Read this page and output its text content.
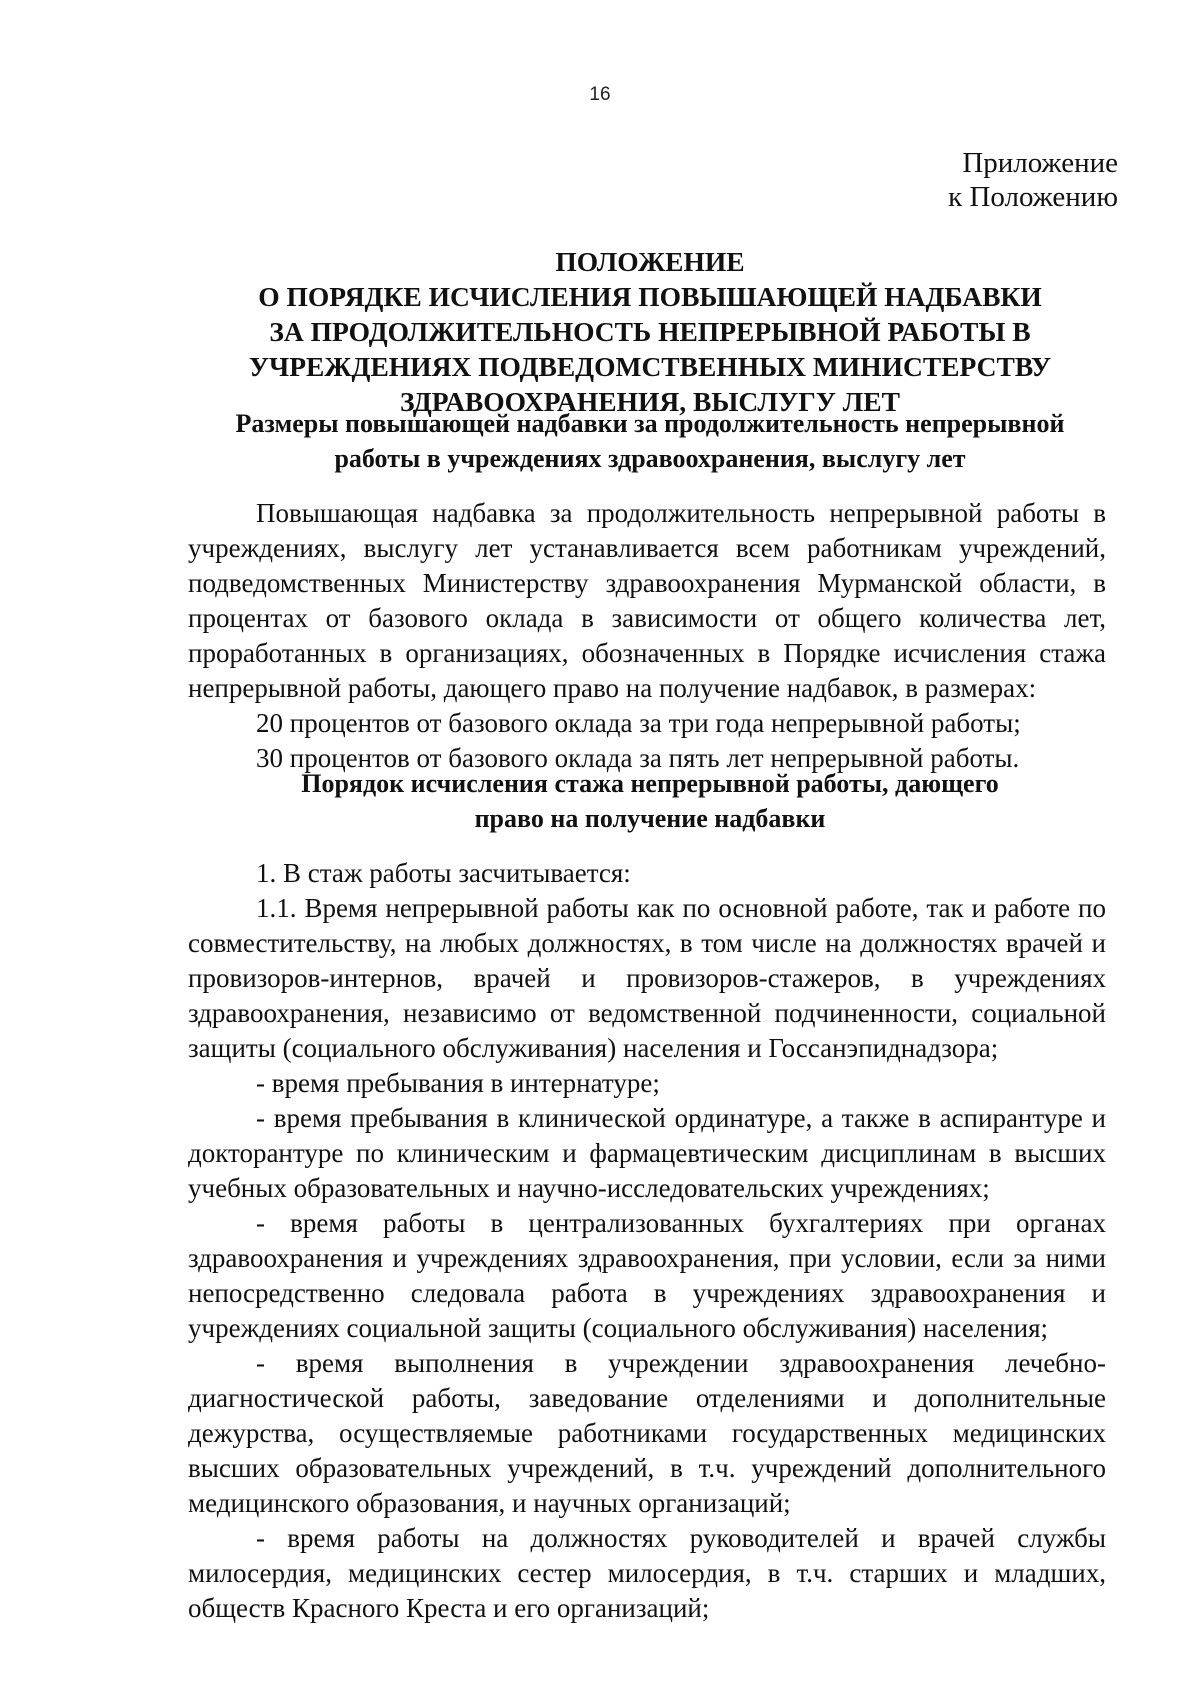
16
Приложение
к Положению
ПОЛОЖЕНИЕ
О ПОРЯДКЕ ИСЧИСЛЕНИЯ ПОВЫШАЮЩЕЙ НАДБАВКИ
ЗА ПРОДОЛЖИТЕЛЬНОСТЬ НЕПРЕРЫВНОЙ РАБОТЫ В
УЧРЕЖДЕНИЯХ ПОДВЕДОМСТВЕННЫХ МИНИСТЕРСТВУ
ЗДРАВООХРАНЕНИЯ, ВЫСЛУГУ ЛЕТ
Размеры повышающей надбавки за продолжительность непрерывной
работы в учреждениях здравоохранения, выслугу лет

Повышающая надбавка за продолжительность непрерывной работы в учреждениях, выслугу лет устанавливается всем работникам учреждений, подведомственных Министерству здравоохранения Мурманской области, в процентах от базового оклада в зависимости от общего количества лет, проработанных в организациях, обозначенных в Порядке исчисления стажа непрерывной работы, дающего право на получение надбавок, в размерах:

20 процентов от базового оклада за три года непрерывной работы;

30 процентов от базового оклада за пять лет непрерывной работы.

Порядок исчисления стажа непрерывной работы, дающего
право на получение надбавки

1. В стаж работы засчитывается:

1.1. Время непрерывной работы как по основной работе, так и работе по совместительству, на любых должностях, в том числе на должностях врачей и провизоров-интернов, врачей и провизоров-стажеров, в учреждениях здравоохранения, независимо от ведомственной подчиненности, социальной защиты (социального обслуживания) населения и Госсанэпиднадзора;

- время пребывания в интернатуре;

- время пребывания в клинической ординатуре, а также в аспирантуре и докторантуре по клиническим и фармацевтическим дисциплинам в высших учебных образовательных и научно-исследовательских учреждениях;

- время работы в централизованных бухгалтериях при органах здравоохранения и учреждениях здравоохранения, при условии, если за ними непосредственно следовала работа в учреждениях здравоохранения и учреждениях социальной защиты (социального обслуживания) населения;

- время выполнения в учреждении здравоохранения лечебно-диагностической работы, заведование отделениями и дополнительные дежурства, осуществляемые работниками государственных медицинских высших образовательных учреждений, в т.ч. учреждений дополнительного медицинского образования, и научных организаций;

- время работы на должностях руководителей и врачей службы милосердия, медицинских сестер милосердия, в т.ч. старших и младших, обществ Красного Креста и его организаций;
